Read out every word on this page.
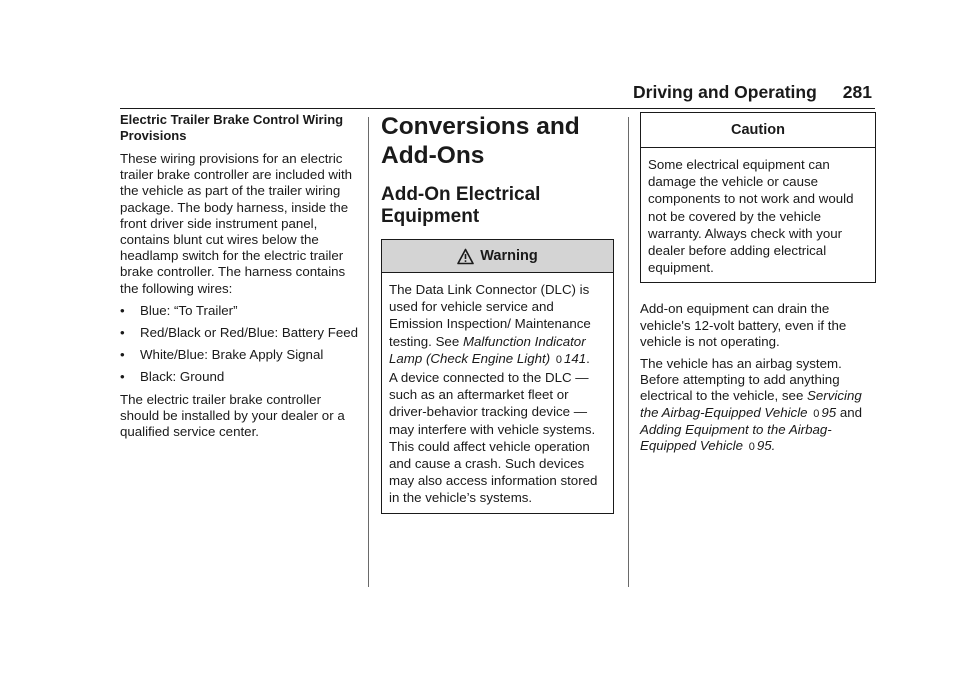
Driving and Operating 281
Electric Trailer Brake Control Wiring Provisions

These wiring provisions for an electric trailer brake controller are included with the vehicle as part of the trailer wiring package. The body harness, inside the front driver side instrument panel, contains blunt cut wires below the headlamp switch for the electric trailer brake controller. The harness contains the following wires:

•	Blue: “To Trailer”
•	Red/Black or Red/Blue: Battery Feed
•	White/Blue: Brake Apply Signal
•	Black: Ground

The electric trailer brake controller should be installed by your dealer or a qualified service center.

Conversions and Add-Ons
Add-On Electrical Equipment
Warning

The Data Link Connector (DLC) is used for vehicle service and Emission Inspection/ Maintenance testing. See Malfunction Indicator Lamp (Check Engine Light) 0 141.

A device connected to the DLC — such as an aftermarket fleet or driver-behavior tracking device — may interfere with vehicle systems. This could affect vehicle operation and cause a crash. Such devices may also access information stored in the vehicle’s systems.

Caution

Some electrical equipment can damage the vehicle or cause components to not work and would not be covered by the vehicle warranty. Always check with your dealer before adding electrical equipment.

Add-on equipment can drain the vehicle's 12-volt battery, even if the vehicle is not operating.

The vehicle has an airbag system. Before attempting to add anything electrical to the vehicle, see Servicing the Airbag-Equipped Vehicle 0 95 and Adding Equipment to the Airbag-Equipped Vehicle 0 95.
